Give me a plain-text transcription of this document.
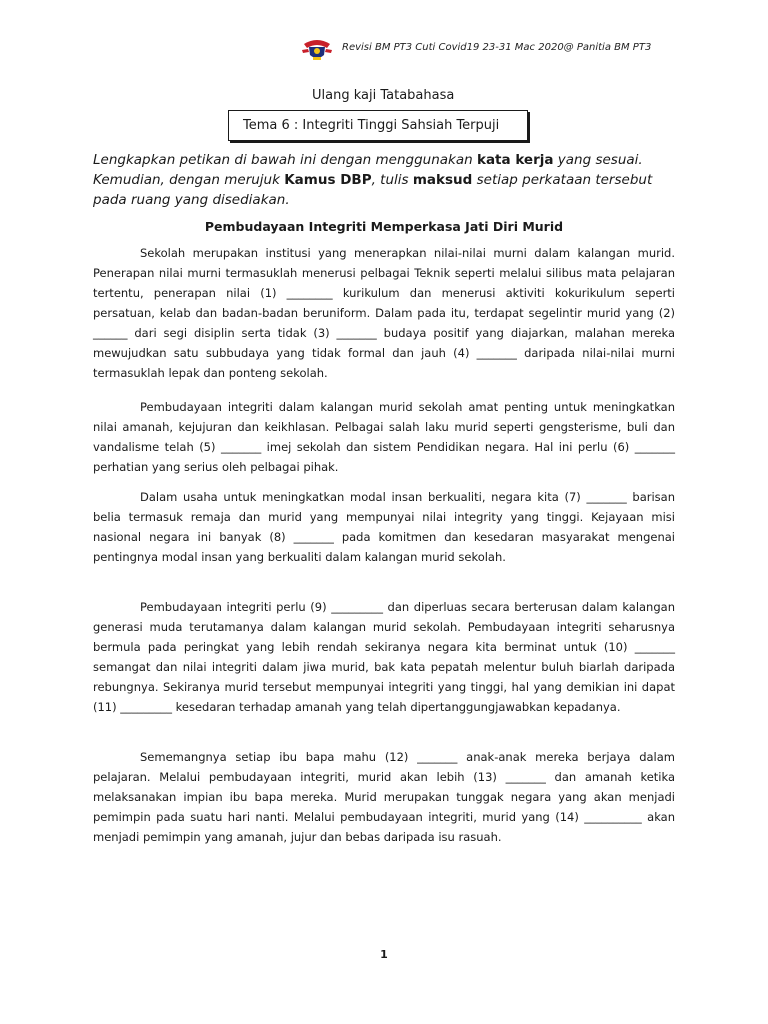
Revisi BM PT3 Cuti Covid19 23-31 Mac 2020@ Panitia BM PT3
Ulang kaji Tatabahasa
Tema 6 : Integriti Tinggi Sahsiah Terpuji
Lengkapkan petikan di bawah ini dengan menggunakan kata kerja yang sesuai. Kemudian, dengan merujuk Kamus DBP, tulis maksud setiap perkataan tersebut pada ruang yang disediakan.
Pembudayaan Integriti Memperkasa Jati Diri Murid

Sekolah merupakan institusi yang menerapkan nilai-nilai murni dalam kalangan murid. Penerapan nilai murni termasuklah menerusi pelbagai Teknik seperti melalui silibus mata pelajaran tertentu, penerapan nilai (1) ________ kurikulum dan menerusi aktiviti kokurikulum seperti persatuan, kelab dan badan-badan beruniform. Dalam pada itu, terdapat segelintir murid yang (2) ______ dari segi disiplin serta tidak (3) _______ budaya positif yang diajarkan, malahan mereka mewujudkan satu subbudaya yang tidak formal dan jauh (4) _______ daripada nilai-nilai murni termasuklah lepak dan ponteng sekolah.

Pembudayaan integriti dalam kalangan murid sekolah amat penting untuk meningkatkan nilai amanah, kejujuran dan keikhlasan. Pelbagai salah laku murid seperti gengsterisme, buli dan vandalisme telah (5) _______ imej sekolah dan sistem Pendidikan negara. Hal ini perlu (6) _______ perhatian yang serius oleh pelbagai pihak.

Dalam usaha untuk meningkatkan modal insan berkualiti, negara kita (7) _______ barisan belia termasuk remaja dan murid yang mempunyai nilai integrity yang tinggi. Kejayaan misi nasional negara ini banyak (8) _______ pada komitmen dan kesedaran masyarakat mengenai pentingnya modal insan yang berkualiti dalam kalangan murid sekolah.

Pembudayaan integriti perlu (9) _________ dan diperluas secara berterusan dalam kalangan generasi muda terutamanya dalam kalangan murid sekolah. Pembudayaan integriti seharusnya bermula pada peringkat yang lebih rendah sekiranya negara kita berminat untuk (10) _______ semangat dan nilai integriti dalam jiwa murid, bak kata pepatah melentur buluh biarlah daripada rebungnya. Sekiranya murid tersebut mempunyai integriti yang tinggi, hal yang demikian ini dapat (11) _________ kesedaran terhadap amanah yang telah dipertanggungjawabkan kepadanya.

Sememangnya setiap ibu bapa mahu (12) _______ anak-anak mereka berjaya dalam pelajaran. Melalui pembudayaan integriti, murid akan lebih (13) _______ dan amanah ketika melaksanakan impian ibu bapa mereka. Murid merupakan tunggak negara yang akan menjadi pemimpin pada suatu hari nanti. Melalui pembudayaan integriti, murid yang (14) __________ akan menjadi pemimpin yang amanah, jujur dan bebas daripada isu rasuah.

1
